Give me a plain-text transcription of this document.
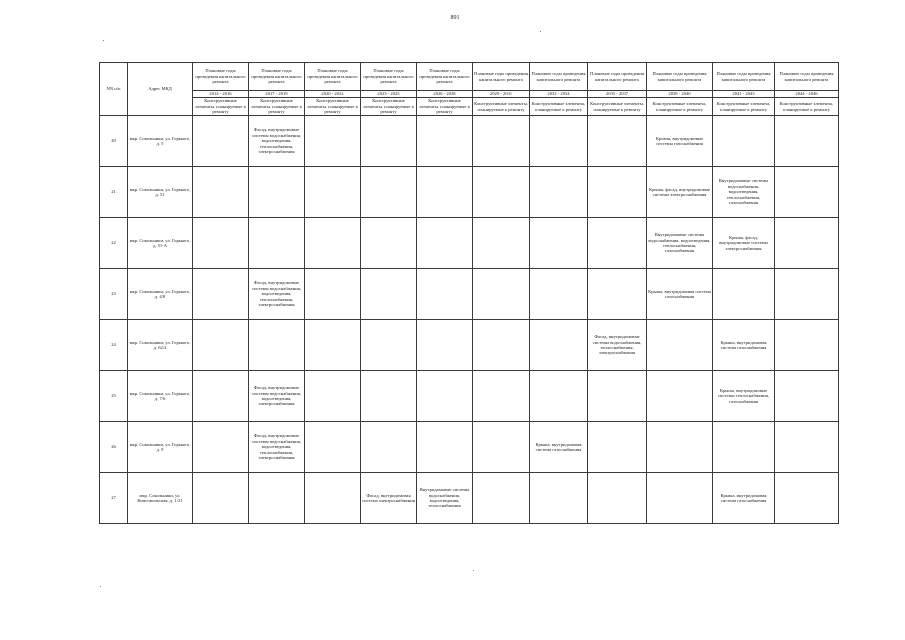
891
NN п/п	Адрес МКД	Плановые годы проведения капитального ремонта	Плановые годы проведения капитального ремонта	Плановые годы проведения капитального ремонта	Плановые годы проведения капитального ремонта	Плановые годы проведения капитального ремонта	Плановые годы проведения капитального ремонта	Плановые годы проведения капитального ремонта	Плановые годы проведения капитального ремонта	Плановые годы проведения капитального ремонта	Плановые годы проведения капитального ремонта	Плановые годы проведения капитального ремонта
		2014 - 2016	2017 - 2019	2020 - 2022	2023 - 2025	2026 - 2028	2029 - 2031	2032 - 2034	2035 - 2037	2038 - 2040	2041 - 2043	2044 - 2046
		Конструктивные элементы, планируемые к ремонту	Конструктивные элементы, планируемые к ремонту	Конструктивные элементы, планируемые к ремонту	Конструктивные элементы, планируемые к ремонту	Конструктивные элементы, планируемые к ремонту	Конструктивные элементы, планируемые к ремонту	Конструктивные элементы, планируемые к ремонту	Конструктивные элементы, планируемые к ремонту	Конструктивные элементы, планируемые к ремонту	Конструктивные элементы, планируемые к ремонту	Конструктивные элементы, планируемые к ремонту
20	мкр. Сокольники, ул. Горького, д. 5		Фасад, внутридомовые системы водоснабжения, водоотведения, теплоснабжения, электроснабжения							Кровля, внутридомовые системы газоснабжения		
21	мкр. Сокольники, ул. Горького, д. 51									Крыша, фасад, внутридомовые системы электроснабжения	Внутридомовые системы водоснабжения, водоотведения, теплоснабжения, газоснабжения	
22	мкр. Сокольники, ул. Горького, д. 51-А									Внутридомовые системы водоснабжения, водоотведения, теплоснабжения, газоснабжения	Крыша, фасад, внутридомовые системы электроснабжения	
23	мкр. Сокольники, ул. Горького, д. 4/8		Фасад, внутридомовые системы водоснабжения, водоотведения, теплоснабжения, электроснабжения							Крыша, внутридомовая система газоснабжения		
24	мкр. Сокольники, ул. Горького, д. 62/2								Фасад, внутридомовые системы водоснабжения, теплоснабжения, электроснабжения		Крыша, внутридомовая система газоснабжения	
25	мкр. Сокольники, ул. Горького, д. 7/6		Фасад, внутридомовые системы водоснабжения, водоотведения, электроснабжения								Крыша, внутридомовые системы теплоснабжения, газоснабжения	
26	мкр. Сокольники, ул. Горького, д. 9		Фасад, внутридомовые системы водоснабжения, водоотведения, теплоснабжения, электроснабжения					Крыша, внутридомовая система газоснабжения				
27	мкр. Сокольники, ул. Комсомольская, д. 1/21				Фасад, внутридомовая система электроснабжения	Внутридомовые системы водоснабжения, водоотведения, теплоснабжения					Крыша, внутридомовая система газоснабжения	
